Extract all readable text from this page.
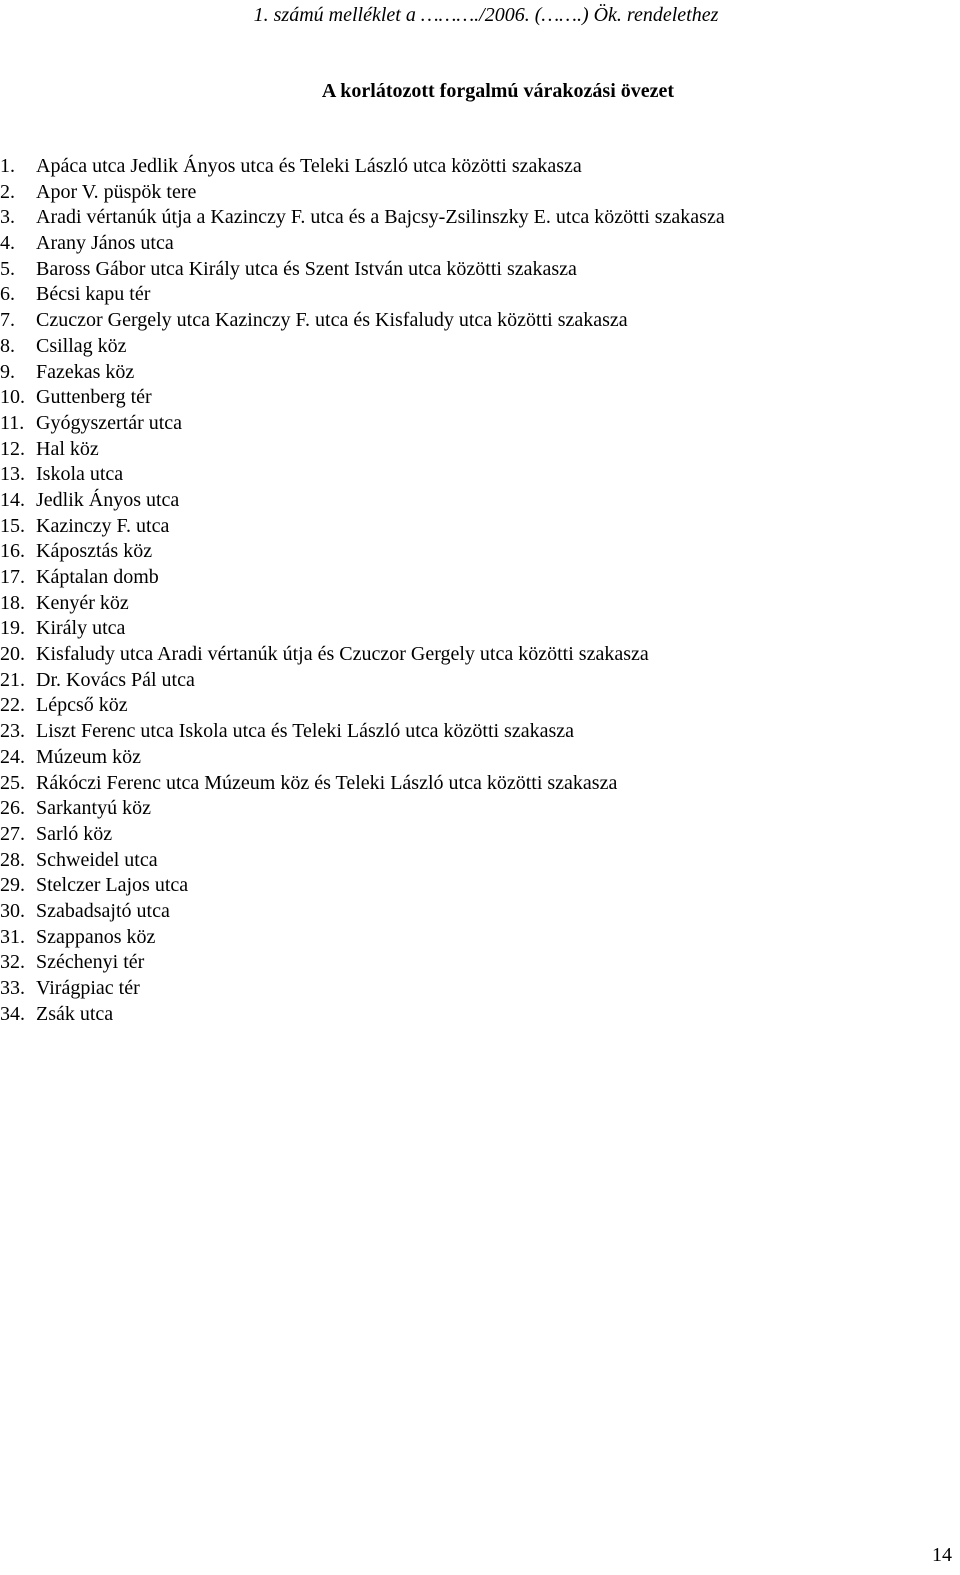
1. számú melléklet a ………./2006. (…….) Ök. rendelethez
A korlátozott forgalmú várakozási övezet
1. Apáca utca Jedlik Ányos utca és Teleki László utca közötti szakasza
2. Apor V. püspök tere
3. Aradi vértanúk útja a Kazinczy F. utca és a Bajcsy-Zsilinszky E. utca közötti szakasza
4. Arany János utca
5. Baross Gábor utca Király utca és Szent István utca közötti szakasza
6. Bécsi kapu tér
7. Czuczor Gergely utca Kazinczy F. utca és Kisfaludy utca közötti szakasza
8. Csillag köz
9. Fazekas köz
10. Guttenberg tér
11. Gyógyszertár utca
12. Hal köz
13. Iskola utca
14. Jedlik Ányos utca
15. Kazinczy F. utca
16. Káposztás köz
17. Káptalan domb
18. Kenyér köz
19. Király utca
20. Kisfaludy utca Aradi vértanúk útja és Czuczor Gergely utca közötti szakasza
21. Dr. Kovács Pál utca
22. Lépcső köz
23. Liszt Ferenc utca Iskola utca és Teleki László utca közötti szakasza
24. Múzeum köz
25. Rákóczi Ferenc utca Múzeum köz és Teleki László utca közötti szakasza
26. Sarkantyú köz
27. Sarló köz
28. Schweidel utca
29. Stelczer Lajos utca
30. Szabadsajtó utca
31. Szappanos köz
32. Széchenyi tér
33. Virágpiac tér
34. Zsák utca
14
